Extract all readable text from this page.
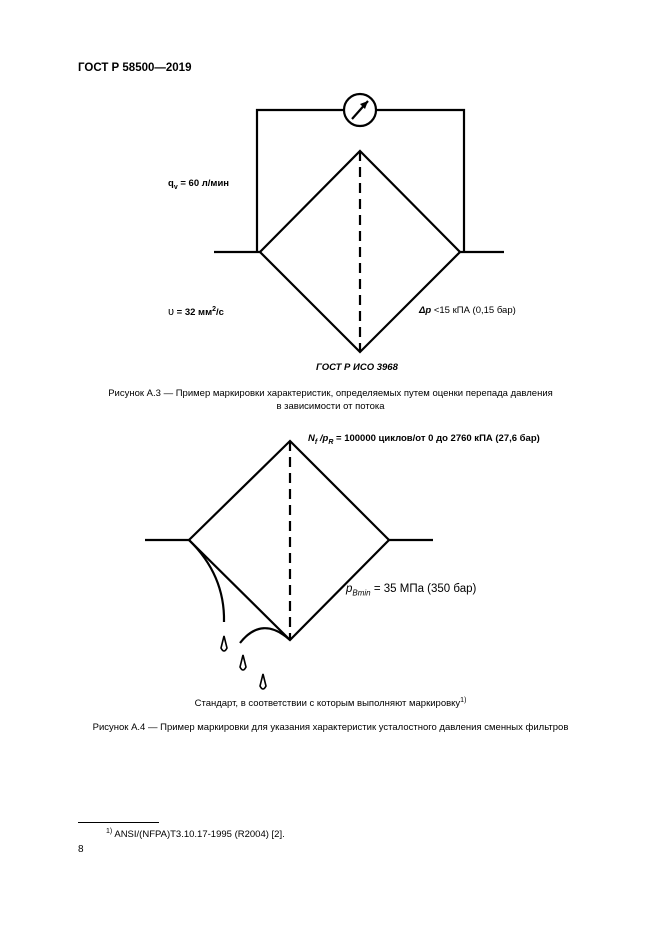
ГОСТ Р 58500—2019
$q_v = 60$ л/мин
υ = 32 $мм^2/c$	Δp <15 кПА (0,15 бар)
ГОСТ Р ИСО 3968
Рисунок А.3 — Пример маркировки характеристик, определяемых путем оценки перепада давления
в зависимости от потока
$N_f$ $/p_R = 100000$ циклов/от 0 до 2760 кПА (27,6 бар)
$p_{Bmin} = 35$ МПа (350 бар)
Стандарт, в соответствии с которым выполняют маркировку$^{1)}$
Рисунок А.4 — Пример маркировки для указания характеристик усталостного давления сменных фильтров
$^{1)}$ ANSI/(NFPA)T3.10.17-1995 (R2004) [2].
8
